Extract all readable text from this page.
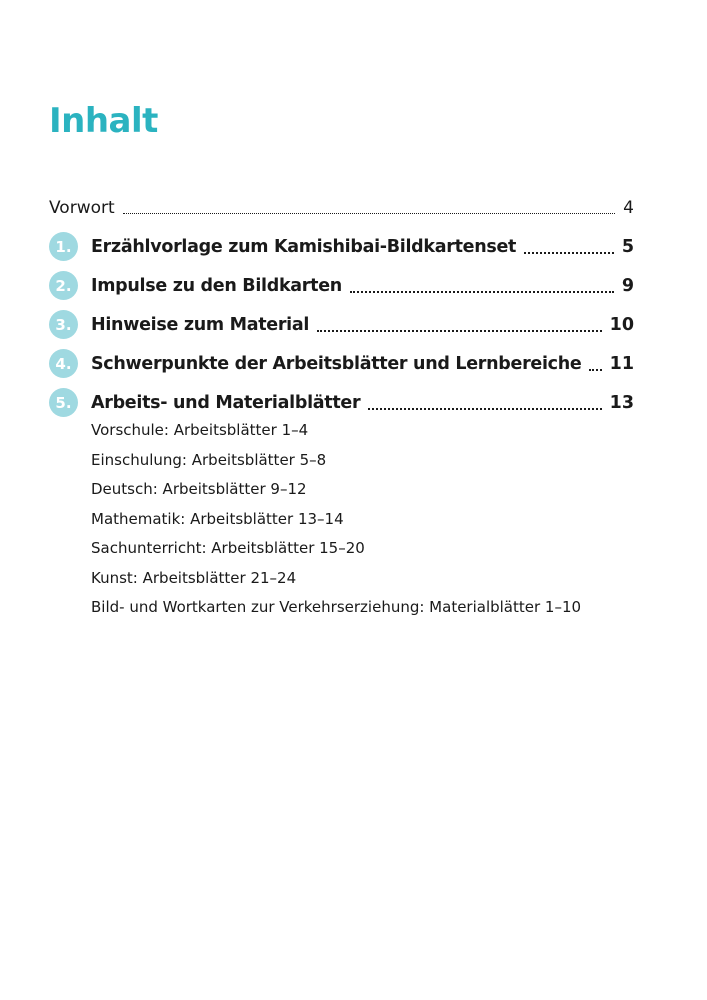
Inhalt
Vorwort	4
1.	Erzählvorlage zum Kamishibai-Bildkartenset	5
2.	Impulse zu den Bildkarten	9
3.	Hinweise zum Material	10
4.	Schwerpunkte der Arbeitsblätter und Lernbereiche 11
5.	Arbeits- und Materialblätter	13
Vorschule: Arbeitsblätter 1–4
Einschulung: Arbeitsblätter 5–8
Deutsch: Arbeitsblätter 9–12
Mathematik: Arbeitsblätter 13–14
Sachunterricht: Arbeitsblätter 15–20
Kunst: Arbeitsblätter 21–24
Bild- und Wortkarten zur Verkehrserziehung: Materialblätter 1–10
